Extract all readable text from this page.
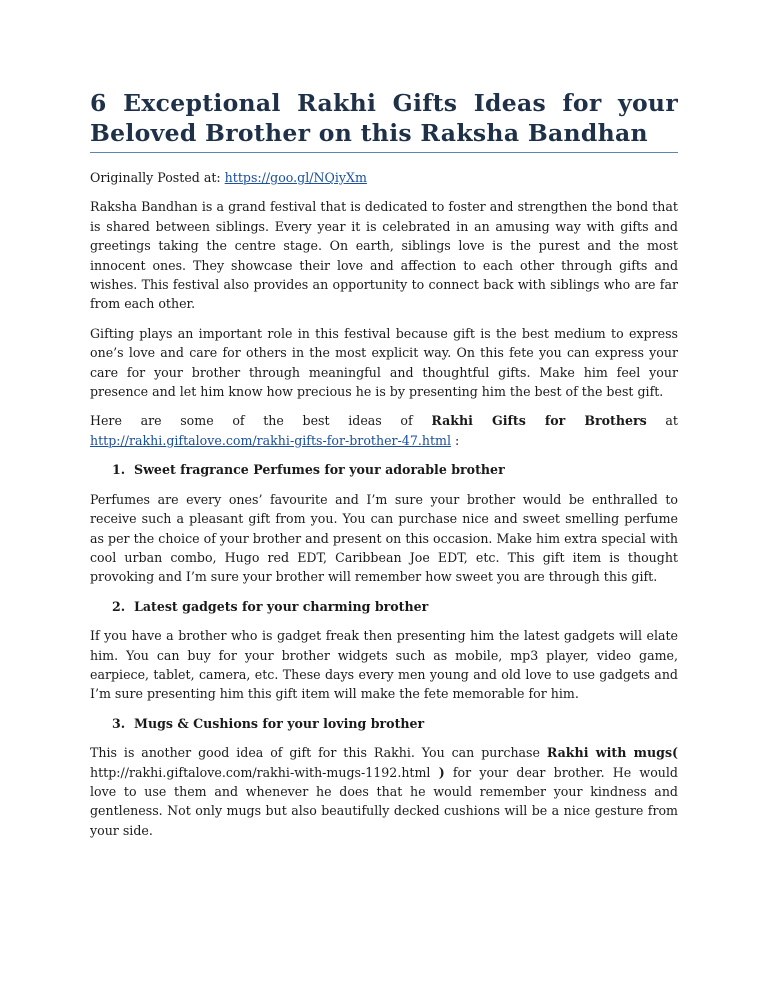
6 Exceptional Rakhi Gifts Ideas for your Beloved Brother on this Raksha Bandhan

Originally Posted at: https://goo.gl/NQiyXm

Raksha Bandhan is a grand festival that is dedicated to foster and strengthen the bond that is shared between siblings. Every year it is celebrated in an amusing way with gifts and greetings taking the centre stage. On earth, siblings love is the purest and the most innocent ones. They showcase their love and affection to each other through gifts and wishes. This festival also provides an opportunity to connect back with siblings who are far from each other.

Gifting plays an important role in this festival because gift is the best medium to express one’s love and care for others in the most explicit way. On this fete you can express your care for your brother through meaningful and thoughtful gifts. Make him feel your presence and let him know how precious he is by presenting him the best of the best gift.

Here are some of the best ideas of Rakhi Gifts for Brothers at
http://rakhi.giftalove.com/rakhi-gifts-for-brother-47.html :

1. Sweet fragrance Perfumes for your adorable brother

Perfumes are every ones’ favourite and I’m sure your brother would be enthralled to receive such a pleasant gift from you. You can purchase nice and sweet smelling perfume as per the choice of your brother and present on this occasion. Make him extra special with cool urban combo, Hugo red EDT, Caribbean Joe EDT, etc. This gift item is thought provoking and I’m sure your brother will remember how sweet you are through this gift.

2. Latest gadgets for your charming brother

If you have a brother who is gadget freak then presenting him the latest gadgets will elate him. You can buy for your brother widgets such as mobile, mp3 player, video game, earpiece, tablet, camera, etc. These days every men young and old love to use gadgets and I’m sure presenting him this gift item will make the fete memorable for him.

3. Mugs & Cushions for your loving brother

This is another good idea of gift for this Rakhi. You can purchase Rakhi with mugs( http://rakhi.giftalove.com/rakhi-with-mugs-1192.html ) for your dear brother. He would love to use them and whenever he does that he would remember your kindness and gentleness. Not only mugs but also beautifully decked cushions will be a nice gesture from your side.
